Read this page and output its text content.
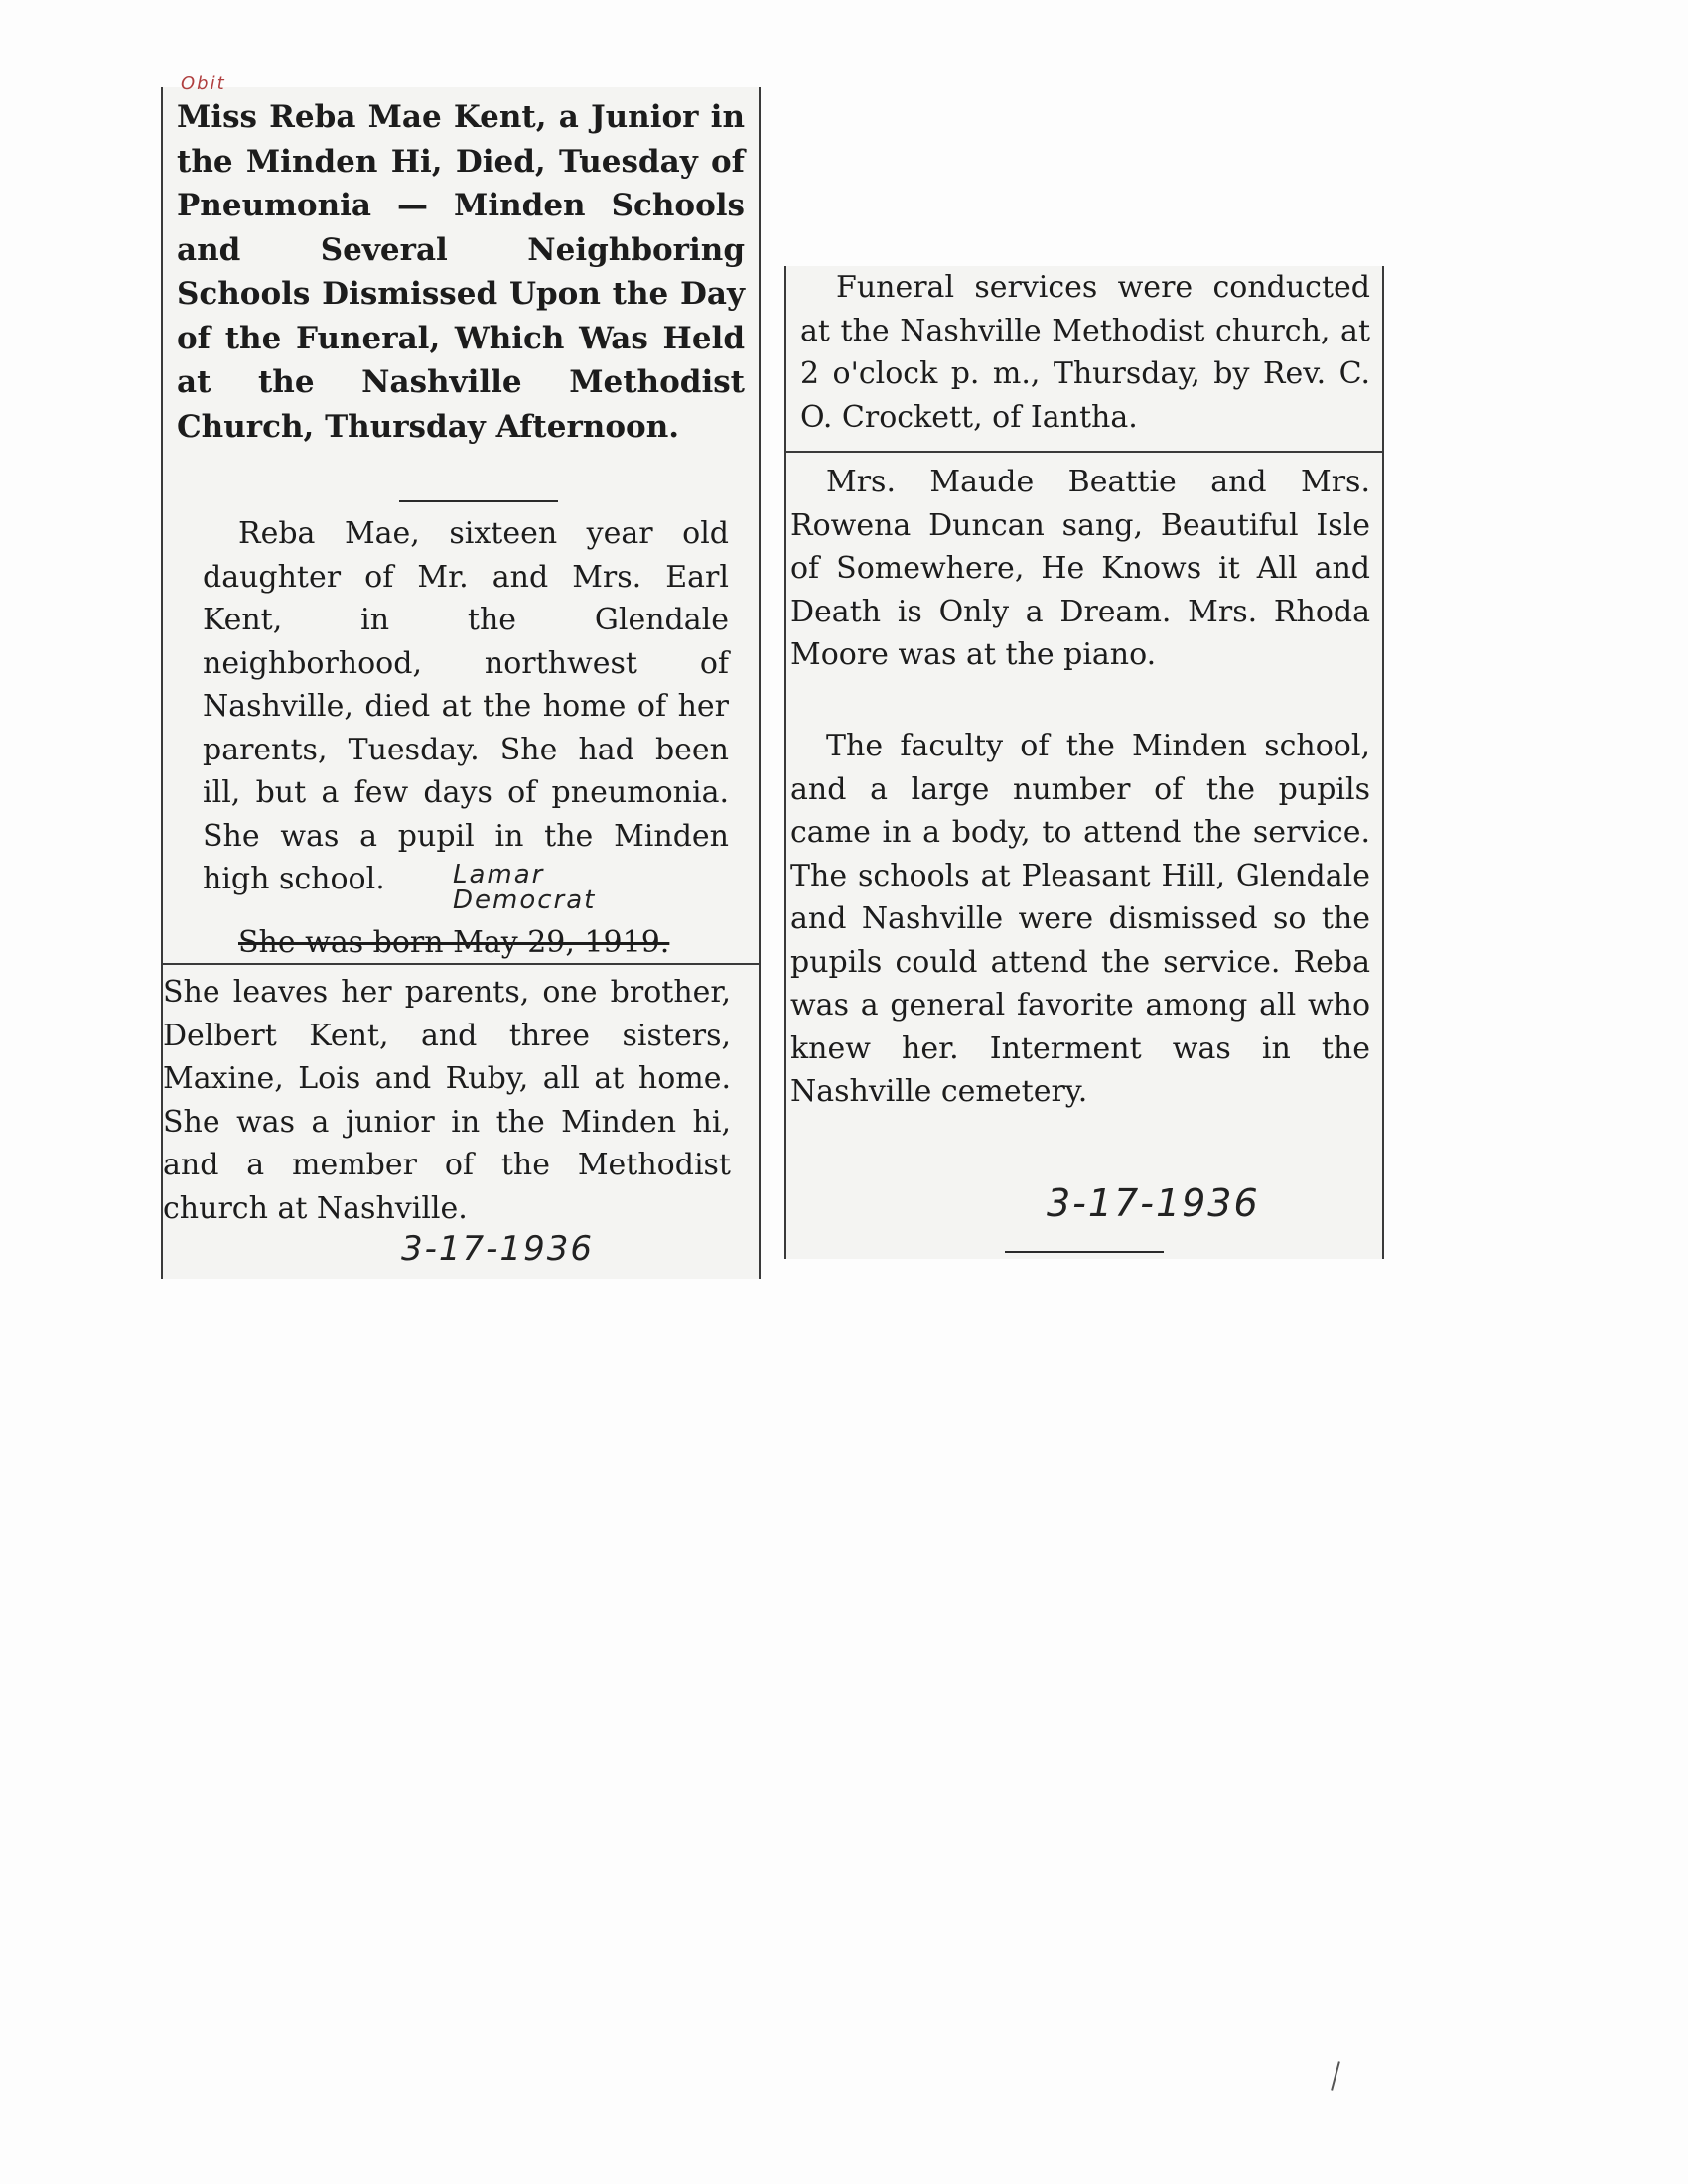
Obit

Miss Reba Mae Kent, a Junior in the Minden Hi, Died, Tuesday of Pneumonia — Minden Schools and Several Neighboring Schools Dismissed Upon the Day of the Funeral, Which Was Held at the Nashville Methodist Church, Thursday Afternoon.

Reba Mae, sixteen year old daughter of Mr. and Mrs. Earl Kent, in the Glendale neighborhood, northwest of Nashville, died at the home of her parents, Tuesday. She had been ill, but a few days of pneumonia. She was a pupil in the Minden high school.	Lamar Democrat

She was born May 29, 1919.

She leaves her parents, one brother, Delbert Kent, and three sisters, Maxine, Lois and Ruby, all at home. She was a junior in the Minden hi, and a member of the Methodist church at Nashville.

3-17-1936

Funeral services were conducted at the Nashville Methodist church, at 2 o'clock p. m., Thursday, by Rev. C. O. Crockett, of Iantha.

Mrs. Maude Beattie and Mrs. Rowena Duncan sang, Beautiful Isle of Somewhere, He Knows it All and Death is Only a Dream. Mrs. Rhoda Moore was at the piano.

The faculty of the Minden school, and a large number of the pupils came in a body, to attend the service. The schools at Pleasant Hill, Glendale and Nashville were dismissed so the pupils could attend the service. Reba was a general favorite among all who knew her. Interment was in the Nashville cemetery.

3-17-1936
